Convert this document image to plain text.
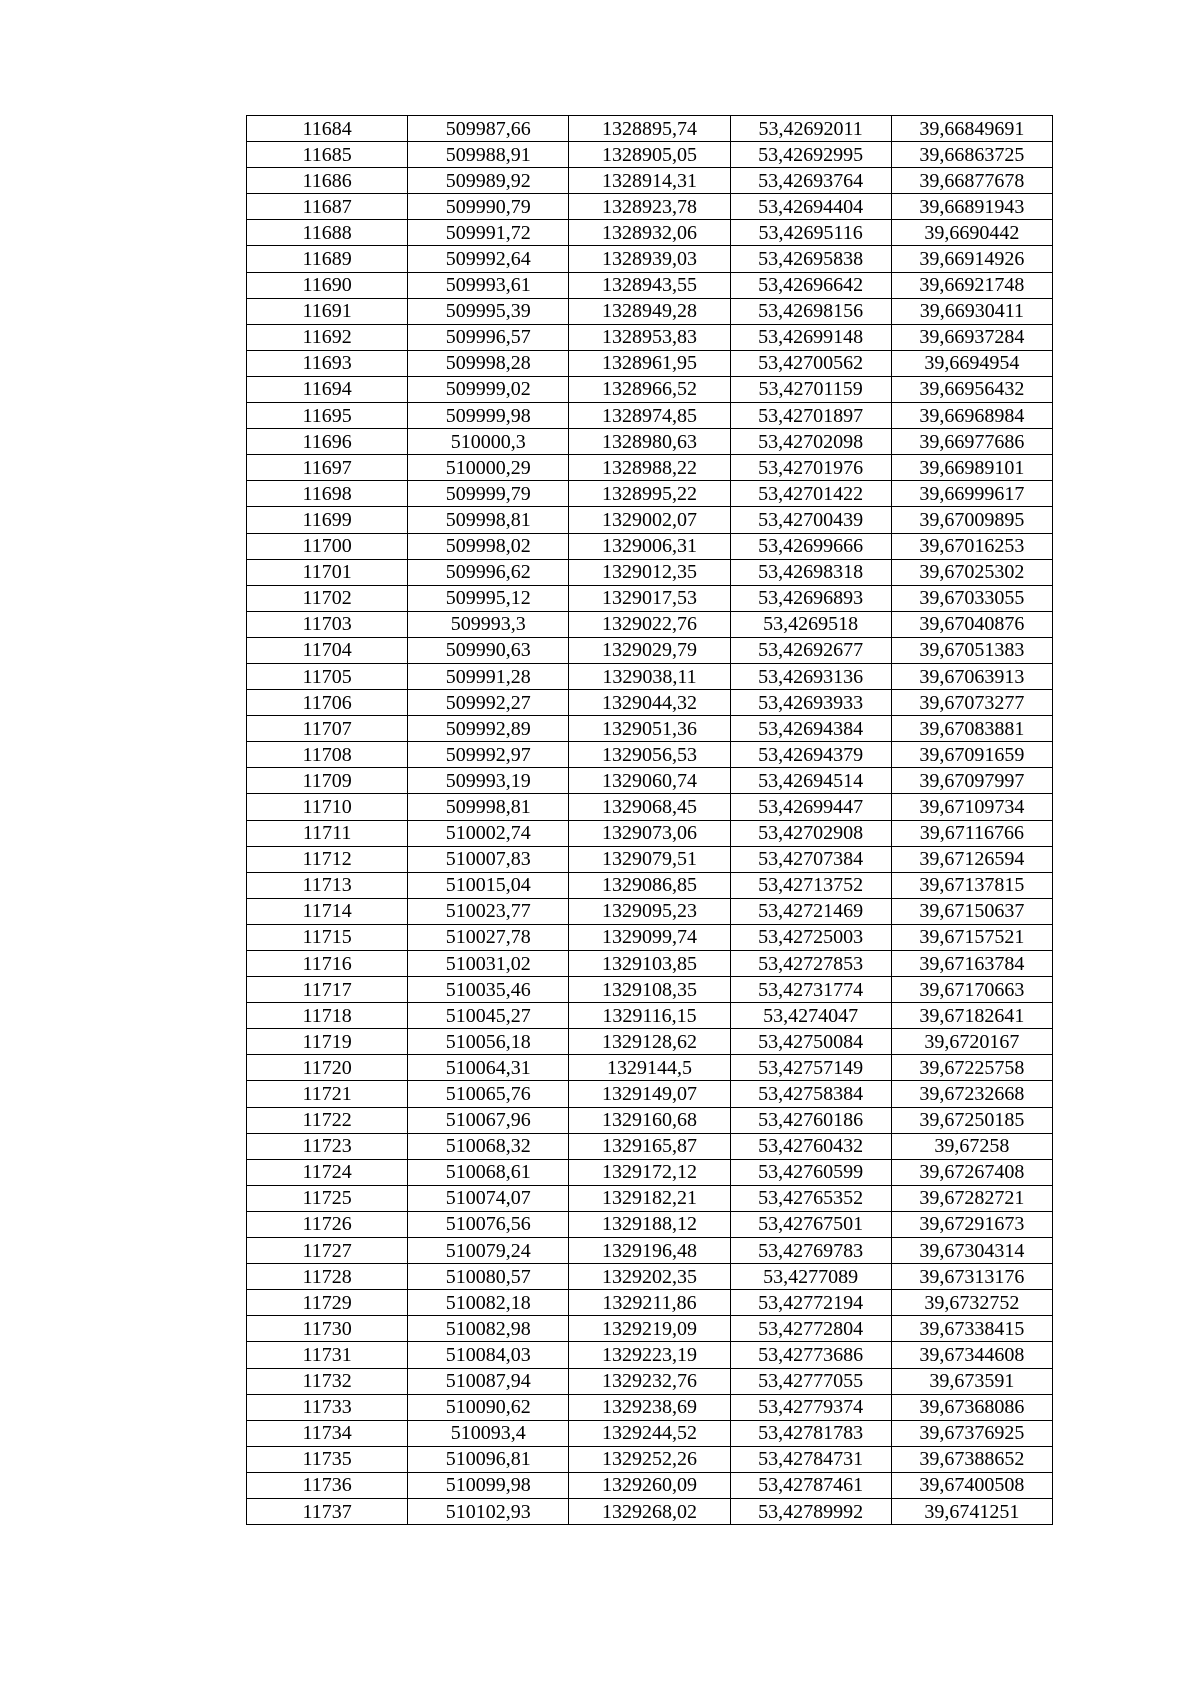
11684	509987,66	1328895,74	53,42692011	39,66849691
11685	509988,91	1328905,05	53,42692995	39,66863725
11686	509989,92	1328914,31	53,42693764	39,66877678
11687	509990,79	1328923,78	53,42694404	39,66891943
11688	509991,72	1328932,06	53,42695116	39,6690442
11689	509992,64	1328939,03	53,42695838	39,66914926
11690	509993,61	1328943,55	53,42696642	39,66921748
11691	509995,39	1328949,28	53,42698156	39,66930411
11692	509996,57	1328953,83	53,42699148	39,66937284
11693	509998,28	1328961,95	53,42700562	39,6694954
11694	509999,02	1328966,52	53,42701159	39,66956432
11695	509999,98	1328974,85	53,42701897	39,66968984
11696	510000,3	1328980,63	53,42702098	39,66977686
11697	510000,29	1328988,22	53,42701976	39,66989101
11698	509999,79	1328995,22	53,42701422	39,66999617
11699	509998,81	1329002,07	53,42700439	39,67009895
11700	509998,02	1329006,31	53,42699666	39,67016253
11701	509996,62	1329012,35	53,42698318	39,67025302
11702	509995,12	1329017,53	53,42696893	39,67033055
11703	509993,3	1329022,76	53,4269518	39,67040876
11704	509990,63	1329029,79	53,42692677	39,67051383
11705	509991,28	1329038,11	53,42693136	39,67063913
11706	509992,27	1329044,32	53,42693933	39,67073277
11707	509992,89	1329051,36	53,42694384	39,67083881
11708	509992,97	1329056,53	53,42694379	39,67091659
11709	509993,19	1329060,74	53,42694514	39,67097997
11710	509998,81	1329068,45	53,42699447	39,67109734
11711	510002,74	1329073,06	53,42702908	39,67116766
11712	510007,83	1329079,51	53,42707384	39,67126594
11713	510015,04	1329086,85	53,42713752	39,67137815
11714	510023,77	1329095,23	53,42721469	39,67150637
11715	510027,78	1329099,74	53,42725003	39,67157521
11716	510031,02	1329103,85	53,42727853	39,67163784
11717	510035,46	1329108,35	53,42731774	39,67170663
11718	510045,27	1329116,15	53,4274047	39,67182641
11719	510056,18	1329128,62	53,42750084	39,6720167
11720	510064,31	1329144,5	53,42757149	39,67225758
11721	510065,76	1329149,07	53,42758384	39,67232668
11722	510067,96	1329160,68	53,42760186	39,67250185
11723	510068,32	1329165,87	53,42760432	39,67258
11724	510068,61	1329172,12	53,42760599	39,67267408
11725	510074,07	1329182,21	53,42765352	39,67282721
11726	510076,56	1329188,12	53,42767501	39,67291673
11727	510079,24	1329196,48	53,42769783	39,67304314
11728	510080,57	1329202,35	53,4277089	39,67313176
11729	510082,18	1329211,86	53,42772194	39,6732752
11730	510082,98	1329219,09	53,42772804	39,67338415
11731	510084,03	1329223,19	53,42773686	39,67344608
11732	510087,94	1329232,76	53,42777055	39,673591
11733	510090,62	1329238,69	53,42779374	39,67368086
11734	510093,4	1329244,52	53,42781783	39,67376925
11735	510096,81	1329252,26	53,42784731	39,67388652
11736	510099,98	1329260,09	53,42787461	39,67400508
11737	510102,93	1329268,02	53,42789992	39,6741251
